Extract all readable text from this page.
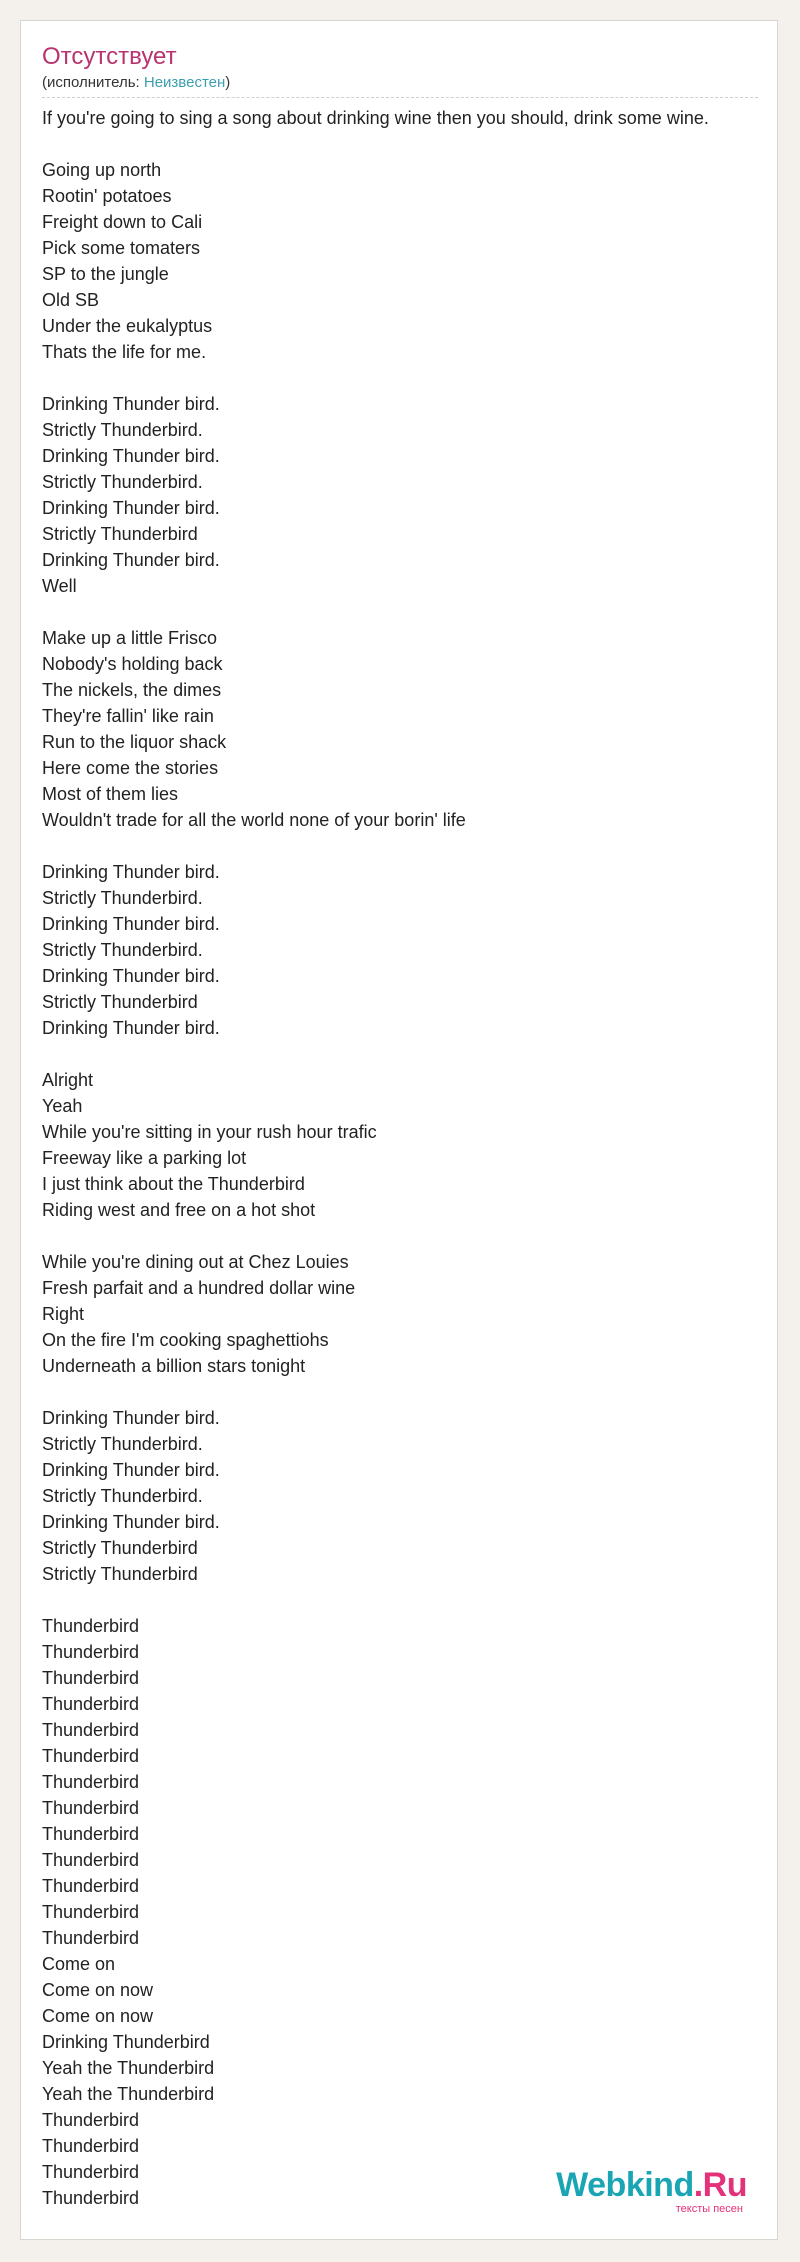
Отсутствует
(исполнитель: Неизвестен)
If you're going to sing a song about drinking wine then you should, drink some wine.
Going up north
Rootin' potatoes
Freight down to Cali
Pick some tomaters
SP to the jungle
Old SB
Under the eukalyptus
Thats the life for me.
Drinking Thunder bird.
Strictly Thunderbird.
Drinking Thunder bird.
Strictly Thunderbird.
Drinking Thunder bird.
Strictly Thunderbird
Drinking Thunder bird.
Well
Make up a little Frisco
Nobody's holding back
The nickels, the dimes
They're fallin' like rain
Run to the liquor shack
Here come the stories
Most of them lies
Wouldn't trade for all the world none of your borin' life
Drinking Thunder bird.
Strictly Thunderbird.
Drinking Thunder bird.
Strictly Thunderbird.
Drinking Thunder bird.
Strictly Thunderbird
Drinking Thunder bird.
Alright
Yeah
While you're sitting in your rush hour trafic
Freeway like a parking lot
I just think about the Thunderbird
Riding west and free on a hot shot
While you're dining out at Chez Louies
Fresh parfait and a hundred dollar wine
Right
On the fire I'm cooking spaghettiohs
Underneath a billion stars tonight
Drinking Thunder bird.
Strictly Thunderbird.
Drinking Thunder bird.
Strictly Thunderbird.
Drinking Thunder bird.
Strictly Thunderbird
Strictly Thunderbird
Thunderbird
Thunderbird
Thunderbird
Thunderbird
Thunderbird
Thunderbird
Thunderbird
Thunderbird
Thunderbird
Thunderbird
Thunderbird
Thunderbird
Thunderbird
Come on
Come on now
Come on now
Drinking Thunderbird
Yeah the Thunderbird
Yeah the Thunderbird
Thunderbird
Thunderbird
Thunderbird
Thunderbird	Webkind.Ru
тексты песен
